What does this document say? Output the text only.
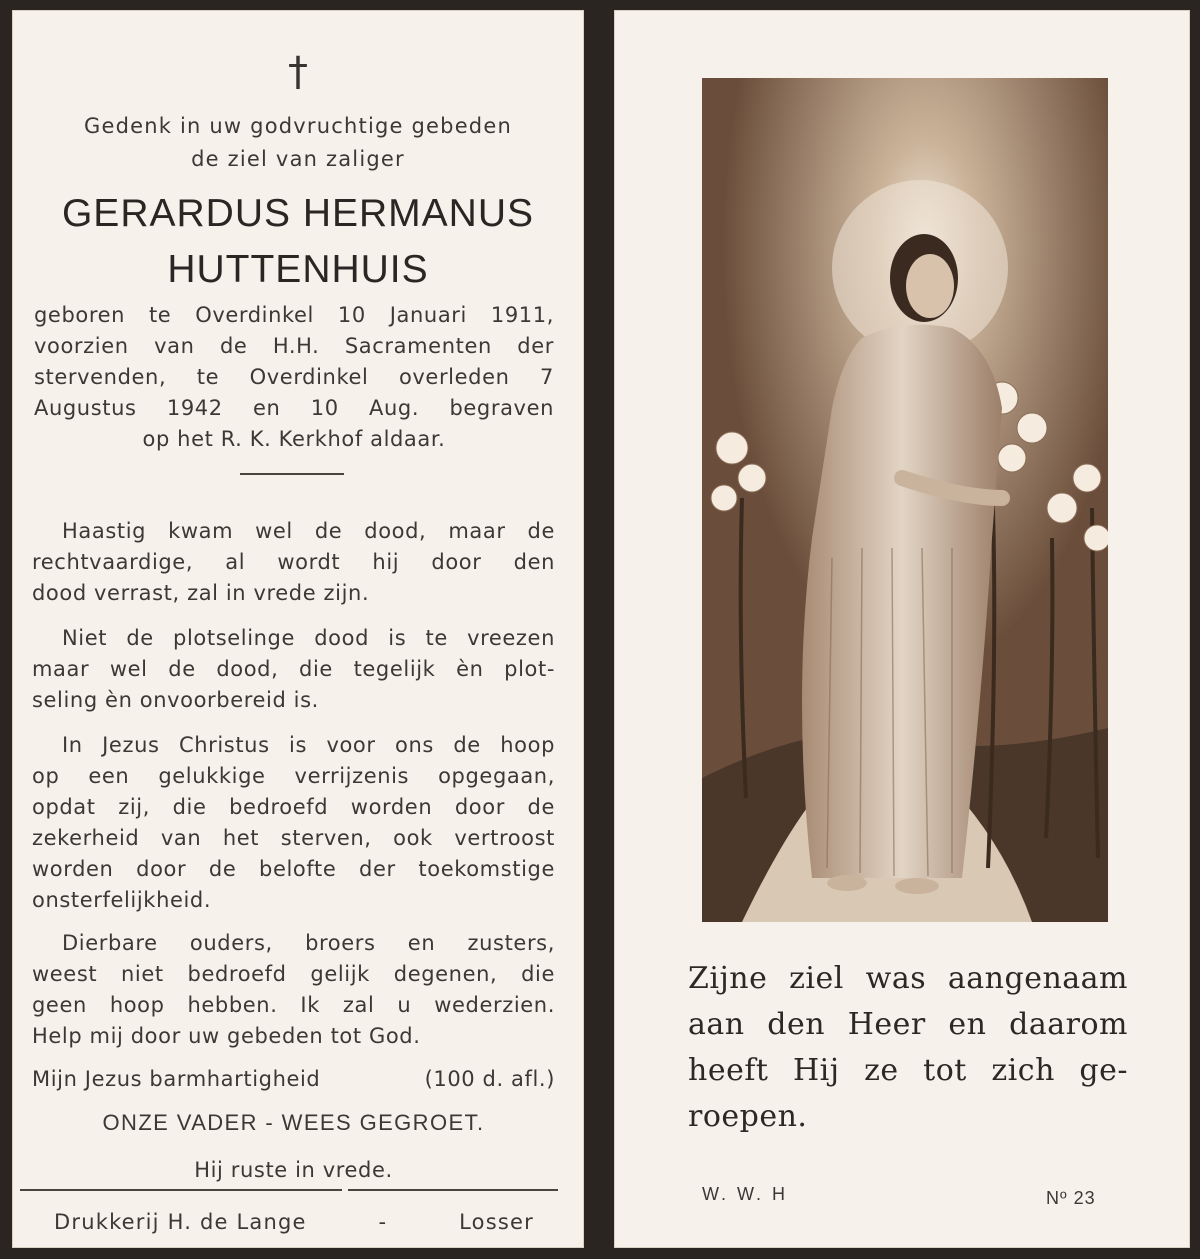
†
Gedenk in uw godvruchtige gebeden
de ziel van zaliger
GERARDUS HERMANUS
HUTTENHUIS
geboren te Overdinkel 10 Januari 1911,
voorzien van de H.H. Sacramenten der
stervenden, te Overdinkel overleden 7
Augustus 1942 en 10 Aug. begraven
op het R. K. Kerkhof aldaar.
Haastig kwam wel de dood, maar de
rechtvaardige, al wordt hij door den
dood verrast, zal in vrede zijn.
Niet de plotselinge dood is te vreezen
maar wel de dood, die tegelijk èn plot-
seling èn onvoorbereid is.
In Jezus Christus is voor ons de hoop
op een gelukkige verrijzenis opgegaan,
opdat zij, die bedroefd worden door de
zekerheid van het sterven, ook vertroost
worden door de belofte der toekomstige
onsterfelijkheid.
Dierbare ouders, broers en zusters,
weest niet bedroefd gelijk degenen, die
geen hoop hebben. Ik zal u wederzien.
Help mij door uw gebeden tot God.
Mijn Jezus barmhartigheid	(100 d. afl.)
ONZE VADER - WEES GEGROET.
Hij ruste in vrede.
Drukkerij H. de Lange	-	Losser
Zijne ziel was aangenaam
aan den Heer en daarom
heeft Hij ze tot zich ge-
roepen.
W. W. H	Nº 23
